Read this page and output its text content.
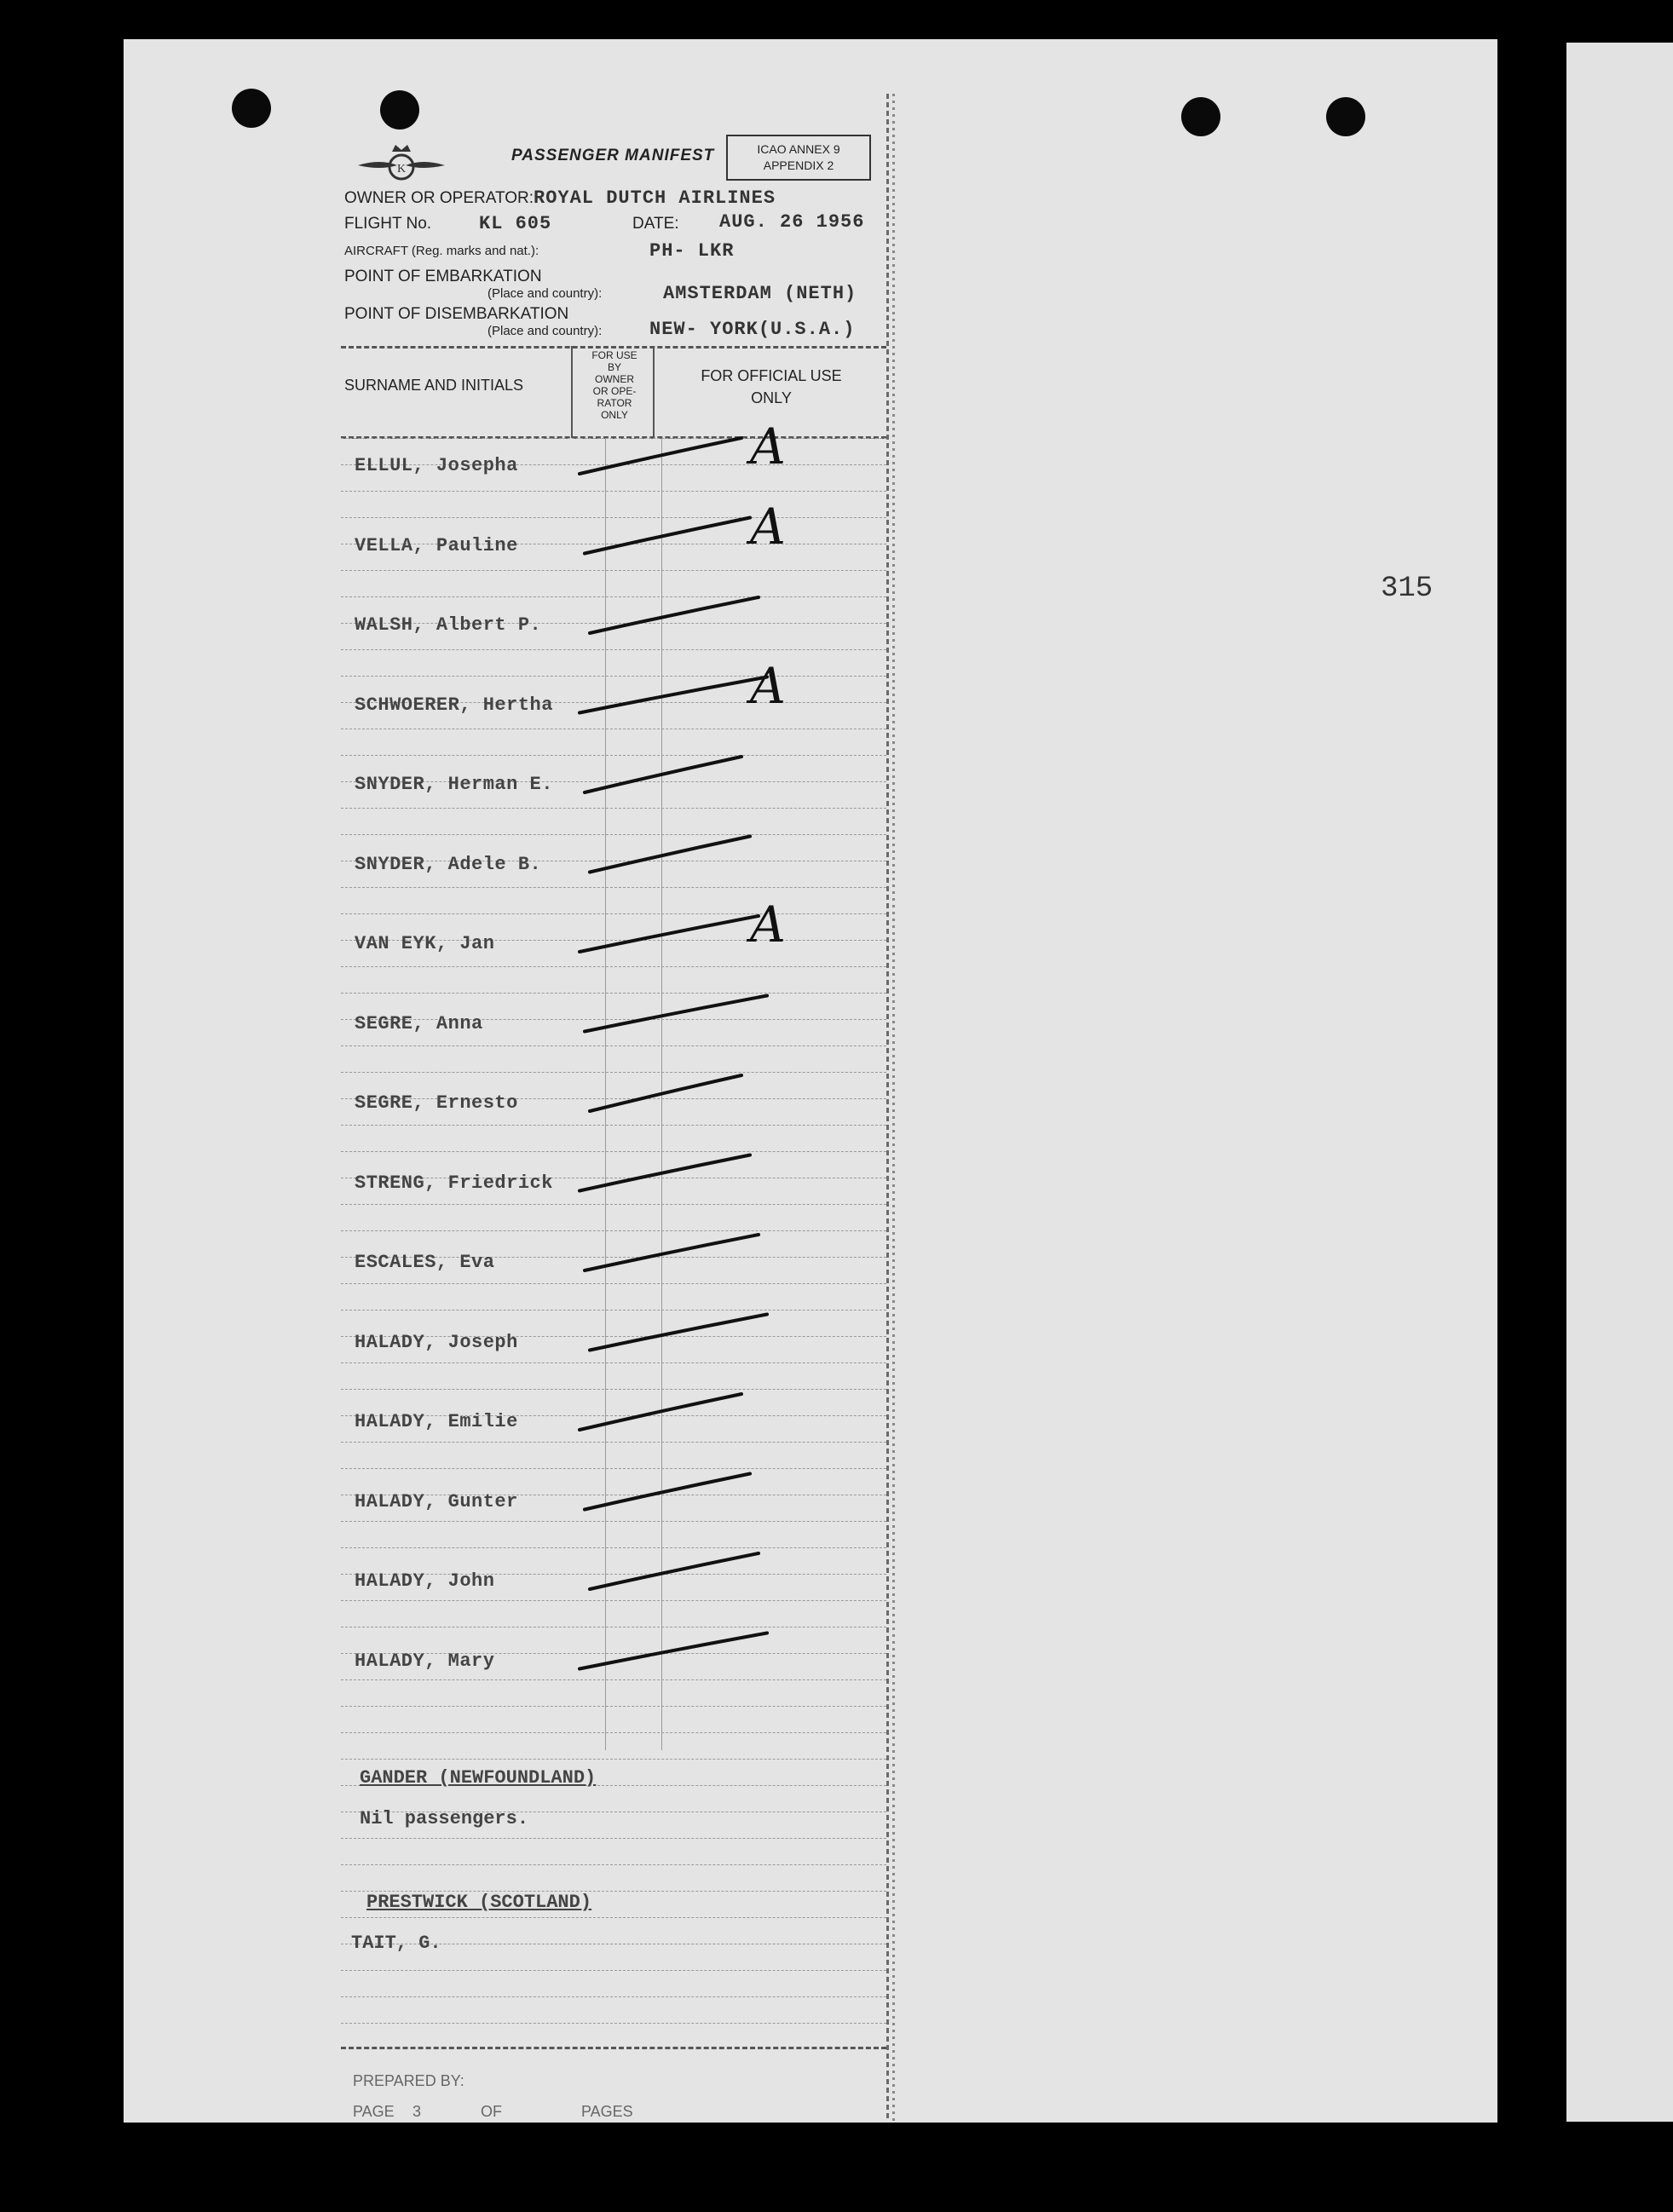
315
K
PASSENGER MANIFEST	ICAO ANNEX 9
APPENDIX 2
OWNER OR OPERATOR: ROYAL DUTCH AIRLINES
FLIGHT No.	KL 605	DATE: AUG. 26 1956
AIRCRAFT (Reg. marks and nat.):	PH- LKR
POINT OF EMBARKATION
(Place and country):	AMSTERDAM (NETH)
POINT OF DISEMBARKATION
(Place and country):	NEW- YORK(U.S.A.)
SURNAME AND INITIALS
FOR USE
BY
OWNER
OR OPE-
RATOR
ONLY
FOR OFFICIAL USE
ONLY
ELLUL, Josepha	A
VELLA, Pauline	A
WALSH, Albert P.
SCHWOERER, Hertha	A
SNYDER, Herman E.
SNYDER, Adele B.
VAN EYK, Jan	A
SEGRE, Anna
SEGRE, Ernesto
STRENG, Friedrick
ESCALES, Eva
HALADY, Joseph
HALADY, Emilie
HALADY, Gunter
HALADY, John
HALADY, Mary
GANDER (NEWFOUNDLAND)
Nil passengers.
PRESTWICK (SCOTLAND)
TAIT, G.
PREPARED BY:
PAGE 3	OF	PAGES
